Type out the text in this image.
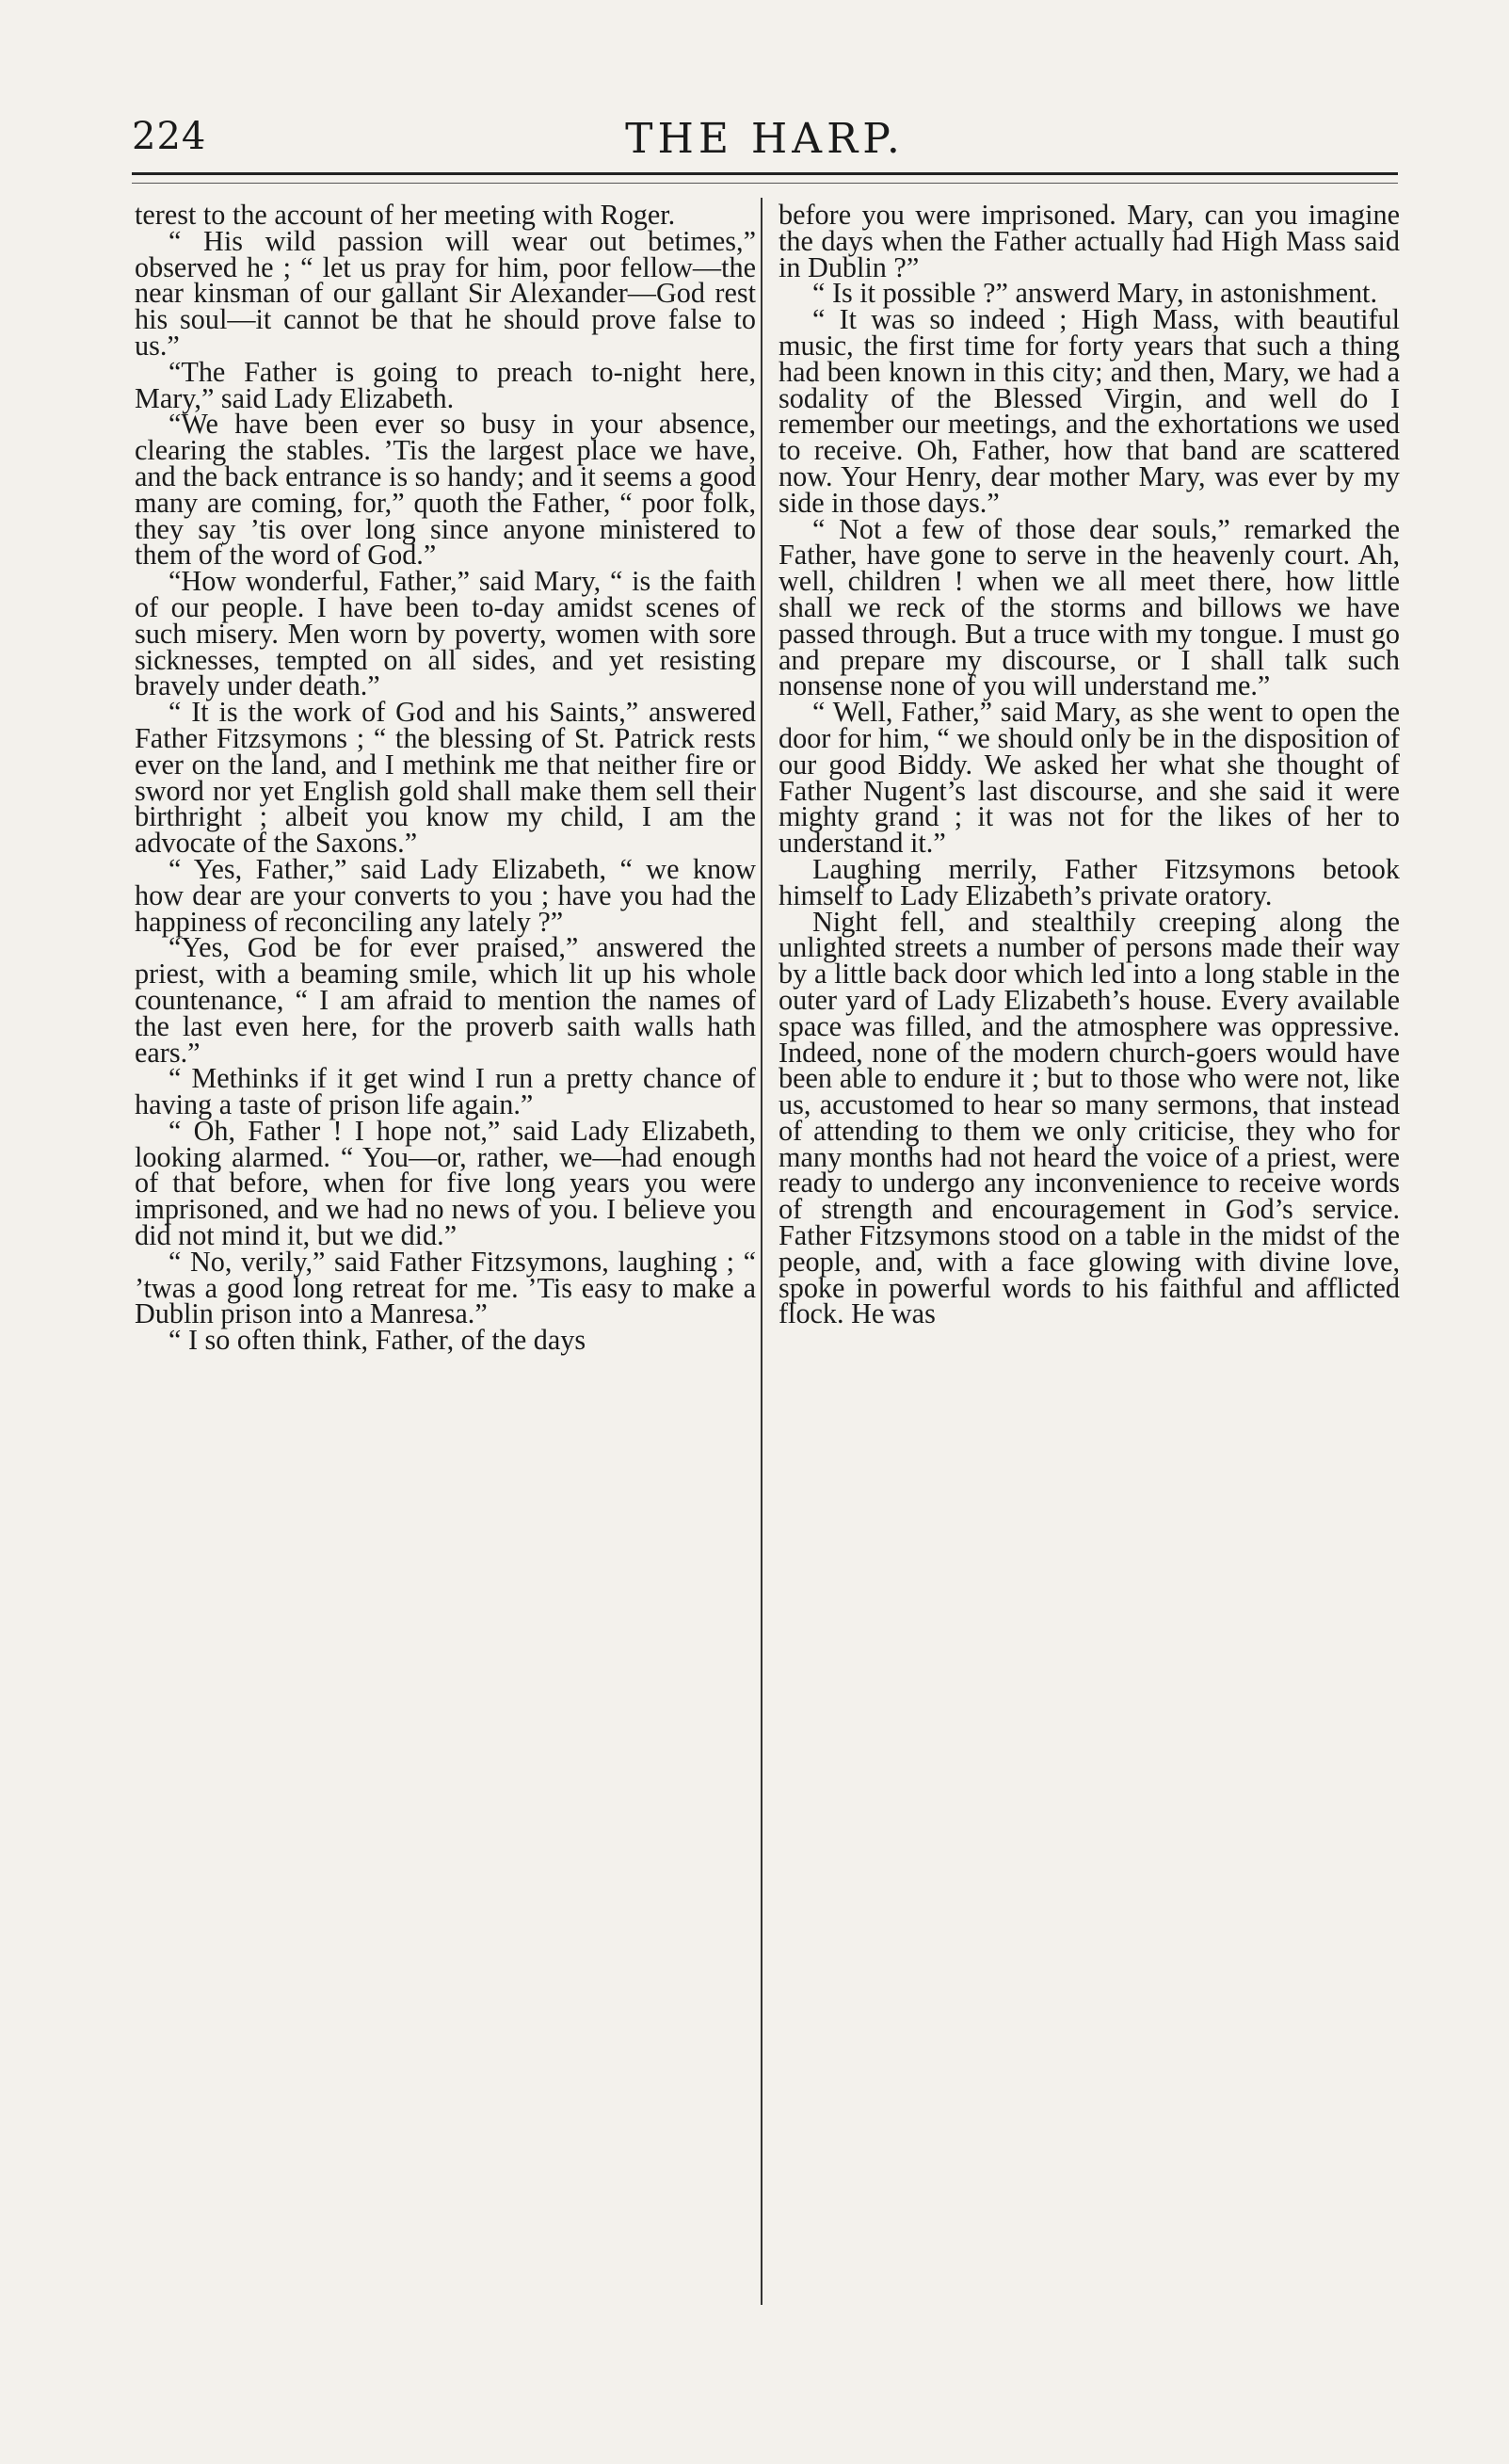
224	THE HARP.

terest to the account of her meeting with Roger.

“ His wild passion will wear out betimes,” observed he ; “ let us pray for him, poor fellow—the near kinsman of our gallant Sir Alexander—God rest his soul—it cannot be that he should prove false to us.”

“The Father is going to preach to-night here, Mary,” said Lady Elizabeth.

“We have been ever so busy in your absence, clearing the stables. ’Tis the largest place we have, and the back entrance is so handy; and it seems a good many are coming, for,” quoth the Father, “ poor folk, they say ’tis over long since anyone ministered to them of the word of God.”

“How wonderful, Father,” said Mary, “ is the faith of our people. I have been to-day amidst scenes of such misery. Men worn by poverty, women with sore sicknesses, tempted on all sides, and yet resisting bravely under death.”

“ It is the work of God and his Saints,” answered Father Fitzsymons ; “ the blessing of St. Patrick rests ever on the land, and I methink me that neither fire or sword nor yet English gold shall make them sell their birthright ; albeit you know my child, I am the advocate of the Saxons.”

“ Yes, Father,” said Lady Elizabeth, “ we know how dear are your converts to you ; have you had the happiness of reconciling any lately ?”

“Yes, God be for ever praised,” answered the priest, with a beaming smile, which lit up his whole countenance, “ I am afraid to mention the names of the last even here, for the proverb saith walls hath ears.”

“ Methinks if it get wind I run a pretty chance of having a taste of prison life again.”

“ Oh, Father ! I hope not,” said Lady Elizabeth, looking alarmed. “ You—or, rather, we—had enough of that before, when for five long years you were imprisoned, and we had no news of you. I believe you did not mind it, but we did.”

“ No, verily,” said Father Fitzsymons, laughing ; “ ’twas a good long retreat for me. ’Tis easy to make a Dublin prison into a Manresa.”

“ I so often think, Father, of the days

before you were imprisoned. Mary, can you imagine the days when the Father actually had High Mass said in Dublin ?”

“ Is it possible ?” answerd Mary, in astonishment.

“ It was so indeed ; High Mass, with beautiful music, the first time for forty years that such a thing had been known in this city; and then, Mary, we had a sodality of the Blessed Virgin, and well do I remember our meetings, and the exhortations we used to receive. Oh, Father, how that band are scattered now. Your Henry, dear mother Mary, was ever by my side in those days.”

“ Not a few of those dear souls,” remarked the Father, have gone to serve in the heavenly court. Ah, well, children ! when we all meet there, how little shall we reck of the storms and billows we have passed through. But a truce with my tongue. I must go and prepare my discourse, or I shall talk such nonsense none of you will understand me.”

“ Well, Father,” said Mary, as she went to open the door for him, “ we should only be in the disposition of our good Biddy. We asked her what she thought of Father Nugent’s last discourse, and she said it were mighty grand ; it was not for the likes of her to understand it.”

Laughing merrily, Father Fitzsymons betook himself to Lady Elizabeth’s private oratory.

Night fell, and stealthily creeping along the unlighted streets a number of persons made their way by a little back door which led into a long stable in the outer yard of Lady Elizabeth’s house. Every available space was filled, and the atmosphere was oppressive. Indeed, none of the modern church-goers would have been able to endure it ; but to those who were not, like us, accustomed to hear so many sermons, that instead of attending to them we only criticise, they who for many months had not heard the voice of a priest, were ready to undergo any inconvenience to receive words of strength and encouragement in God’s service. Father Fitzsymons stood on a table in the midst of the people, and, with a face glowing with divine love, spoke in powerful words to his faithful and afflicted flock. He was
